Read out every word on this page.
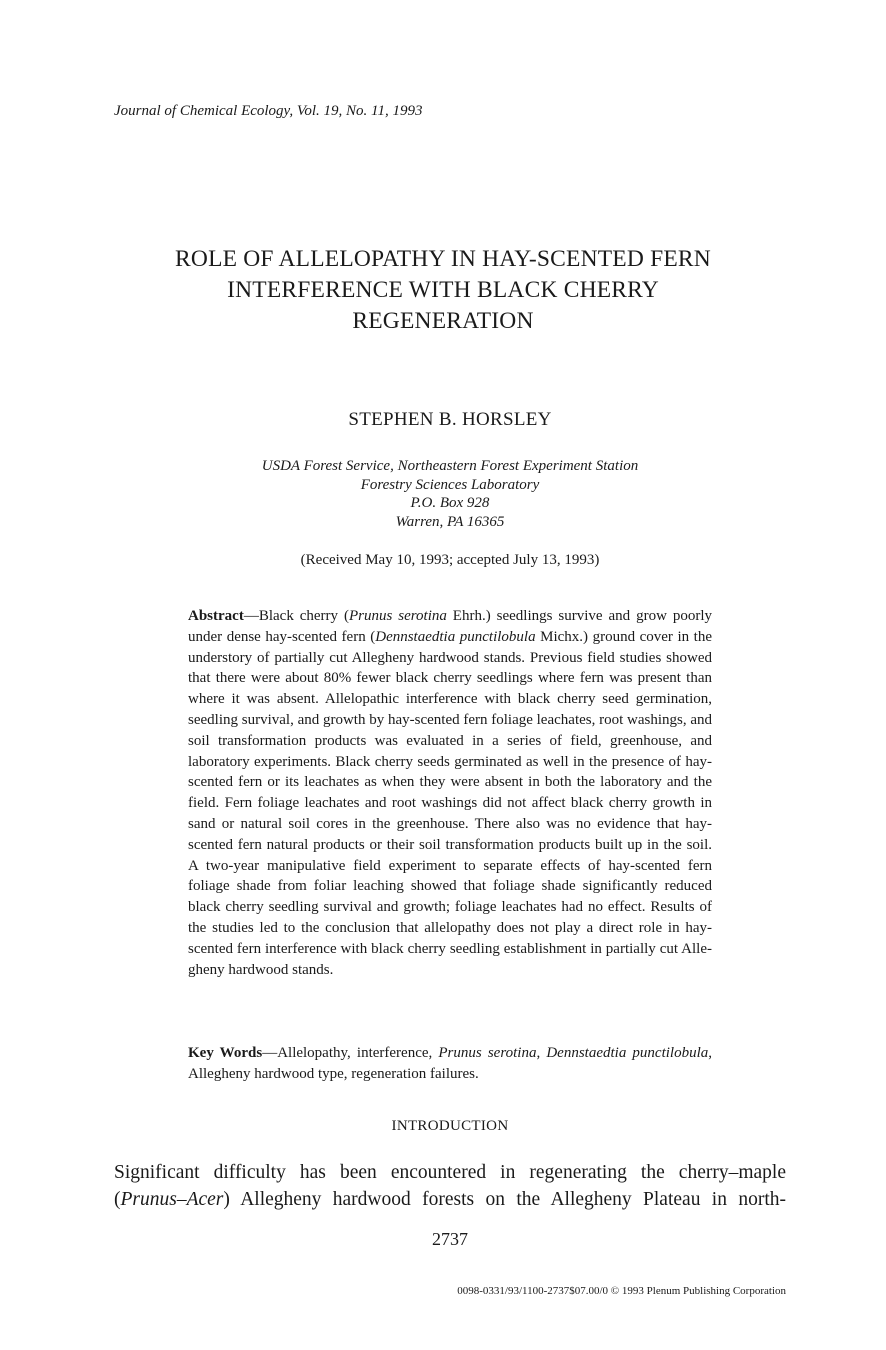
Journal of Chemical Ecology, Vol. 19, No. 11, 1993
ROLE OF ALLELOPATHY IN HAY-SCENTED FERN
INTERFERENCE WITH BLACK CHERRY
REGENERATION
STEPHEN B. HORSLEY
USDA Forest Service, Northeastern Forest Experiment Station
Forestry Sciences Laboratory
P.O. Box 928
Warren, PA 16365
(Received May 10, 1993; accepted July 13, 1993)
Abstract—Black cherry (Prunus serotina Ehrh.) seedlings survive and grow poorly under dense hay-scented fern (Dennstaedtia punctilobula Michx.) ground cover in the understory of partially cut Allegheny hardwood stands. Previous field studies showed that there were about 80% fewer black cherry seedlings where fern was present than where it was absent. Allelopathic interference with black cherry seed germination, seedling survival, and growth by hay-scented fern foliage leachates, root washings, and soil transformation products was evaluated in a series of field, greenhouse, and laboratory experiments. Black cherry seeds germinated as well in the presence of hay-scented fern or its leachates as when they were absent in both the laboratory and the field. Fern foliage leachates and root washings did not affect black cherry growth in sand or natural soil cores in the greenhouse. There also was no evidence that hay-scented fern natural products or their soil transformation products built up in the soil. A two-year manipulative field experiment to separate effects of hay-scented fern foliage shade from foliar leaching showed that foliage shade significantly reduced black cherry seedling survival and growth; foliage leachates had no effect. Results of the studies led to the conclusion that allelopathy does not play a direct role in hay-scented fern interference with black cherry seedling establishment in partially cut Allegheny hardwood stands.
Key Words—Allelopathy, interference, Prunus serotina, Dennstaedtia punctilobula, Allegheny hardwood type, regeneration failures.
INTRODUCTION
Significant difficulty has been encountered in regenerating the cherry–maple (Prunus–Acer) Allegheny hardwood forests on the Allegheny Plateau in north-
2737
0098-0331/93/1100-2737$07.00/0 © 1993 Plenum Publishing Corporation
